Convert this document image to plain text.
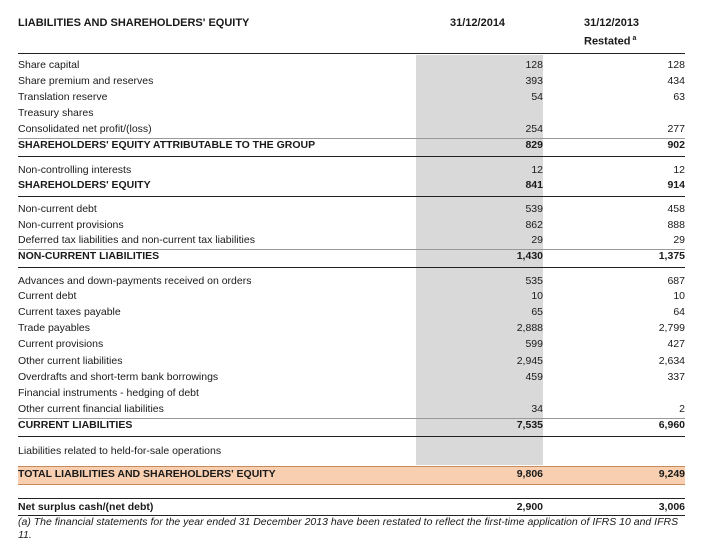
LIABILITIES AND SHAREHOLDERS' EQUITY	31/12/2014	31/12/2013
Restated $^a$
Share capital	128	128
Share premium and reserves	393	434
Translation reserve	54	63
Treasury shares
Consolidated net profit/(loss)	254	277
SHAREHOLDERS' EQUITY ATTRIBUTABLE TO THE GROUP	829	902
Non-controlling interests	12	12
SHAREHOLDERS' EQUITY	841	914
Non-current debt	539	458
Non-current provisions	862	888
Deferred tax liabilities and non-current tax liabilities	29	29
NON-CURRENT LIABILITIES	1,430	1,375
Advances and down-payments received on orders	535	687
Current debt	10	10
Current taxes payable	65	64
Trade payables	2,888	2,799
Current provisions	599	427
Other current liabilities	2,945	2,634
Overdrafts and short-term bank borrowings	459	337
Financial instruments - hedging of debt
Other current financial liabilities	34	2
CURRENT LIABILITIES	7,535	6,960
Liabilities related to held-for-sale operations
TOTAL LIABILITIES AND SHAREHOLDERS' EQUITY	9,806	9,249
Net surplus cash/(net debt)	2,900	3,006
(a) The financial statements for the year ended 31 December 2013 have been restated to reflect the first-time application of IFRS 10 and IFRS 11.
